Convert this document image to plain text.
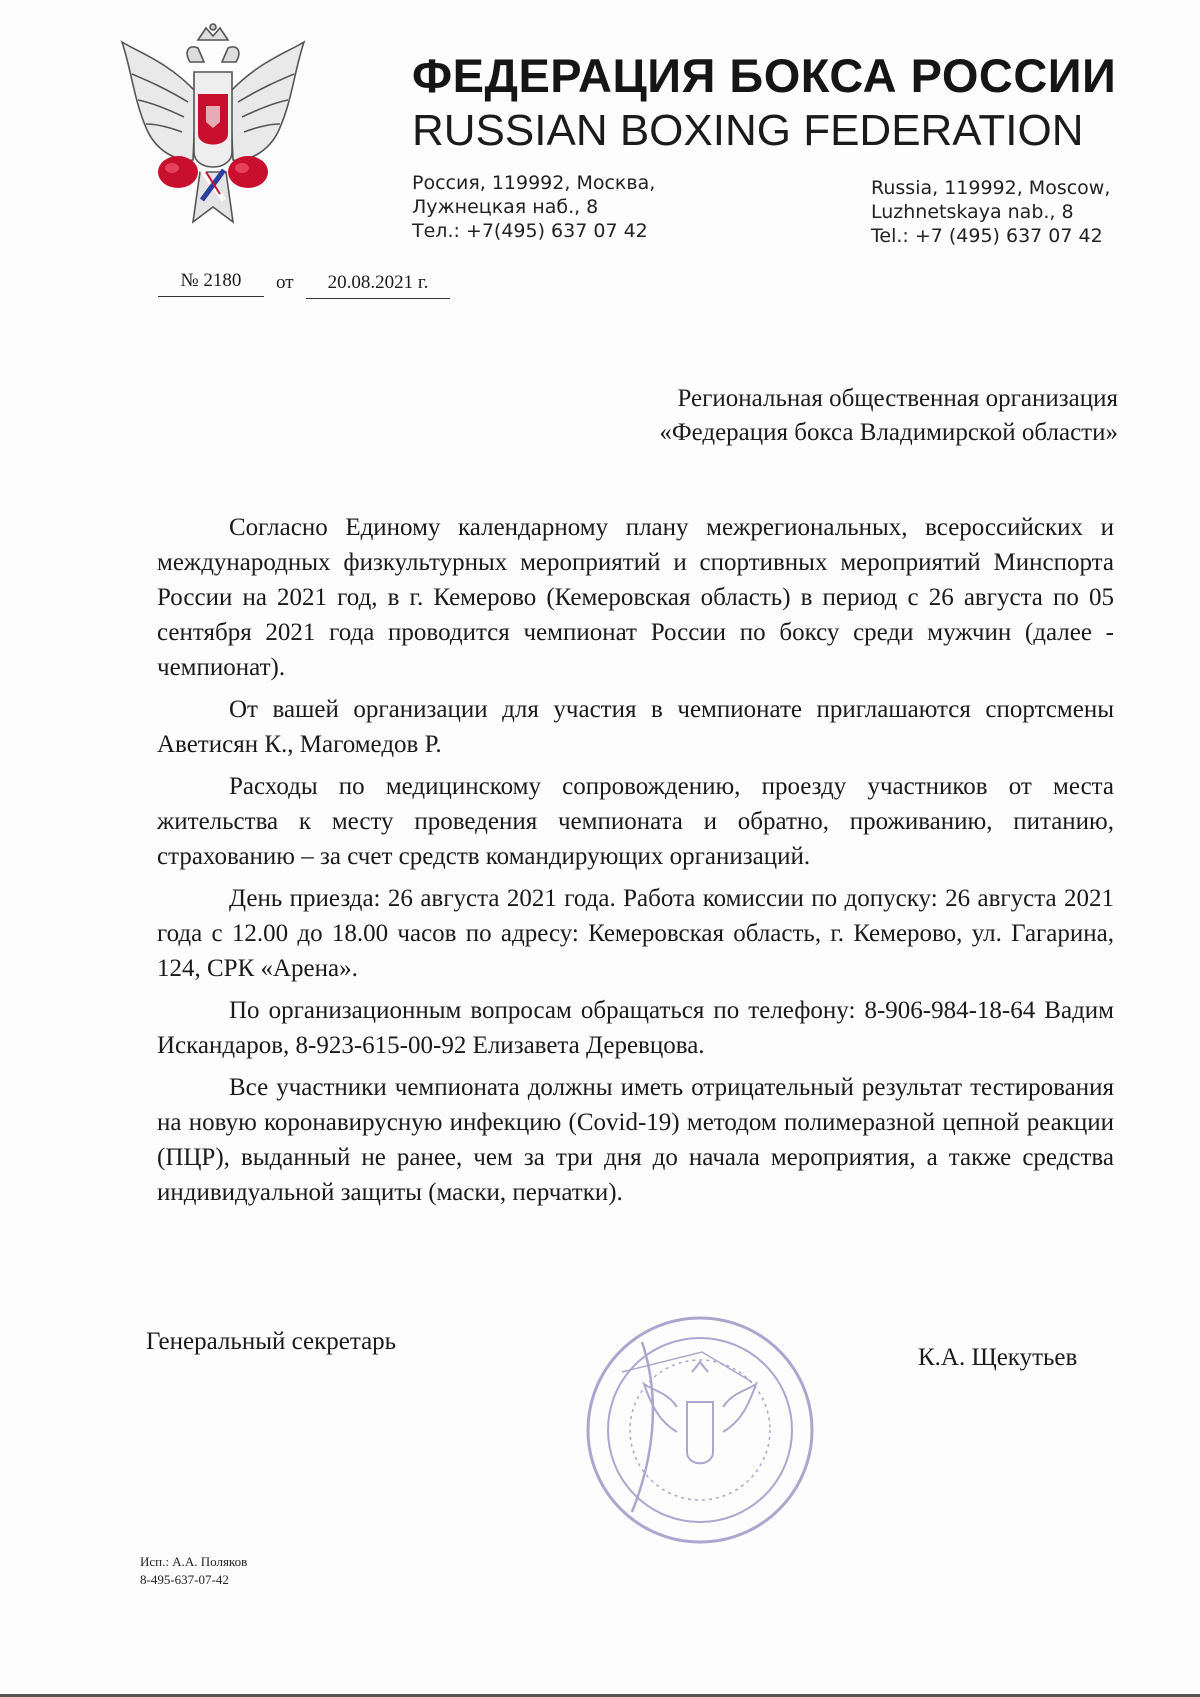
ФЕДЕРАЦИЯ БОКСА РОССИИ
RUSSIAN BOXING FEDERATION
Россия, 119992, Москва,
Лужнецкая наб., 8
Тел.: +7(495) 637 07 42
Russia, 119992, Moscow,
Luzhnetskaya nab., 8
Tel.: +7 (495) 637 07 42
№ 2180	от	20.08.2021 г.
Региональная общественная организация
«Федерация бокса Владимирской области»

Согласно Единому календарному плану межрегиональных, всероссийских и международных физкультурных мероприятий и спортивных мероприятий Минспорта России на 2021 год, в г. Кемерово (Кемеровская область) в период с 26 августа по 05 сентября 2021 года проводится чемпионат России по боксу среди мужчин (далее - чемпионат).

От вашей организации для участия в чемпионате приглашаются спортсмены Аветисян К., Магомедов Р.

Расходы по медицинскому сопровождению, проезду участников от места жительства к месту проведения чемпионата и обратно, проживанию, питанию, страхованию – за счет средств командирующих организаций.

День приезда: 26 августа 2021 года. Работа комиссии по допуску: 26 августа 2021 года с 12.00 до 18.00 часов по адресу: Кемеровская область, г. Кемерово, ул. Гагарина, 124, СРК «Арена».

По организационным вопросам обращаться по телефону: 8-906-984-18-64 Вадим Искандаров, 8-923-615-00-92 Елизавета Деревцова.

Все участники чемпионата должны иметь отрицательный результат тестирования на новую коронавирусную инфекцию (Covid-19) методом полимеразной цепной реакции (ПЦР), выданный не ранее, чем за три дня до начала мероприятия, а также средства индивидуальной защиты (маски, перчатки).

Генеральный секретарь
К.А. Щекутьев
Исп.: А.А. Поляков
8-495-637-07-42
